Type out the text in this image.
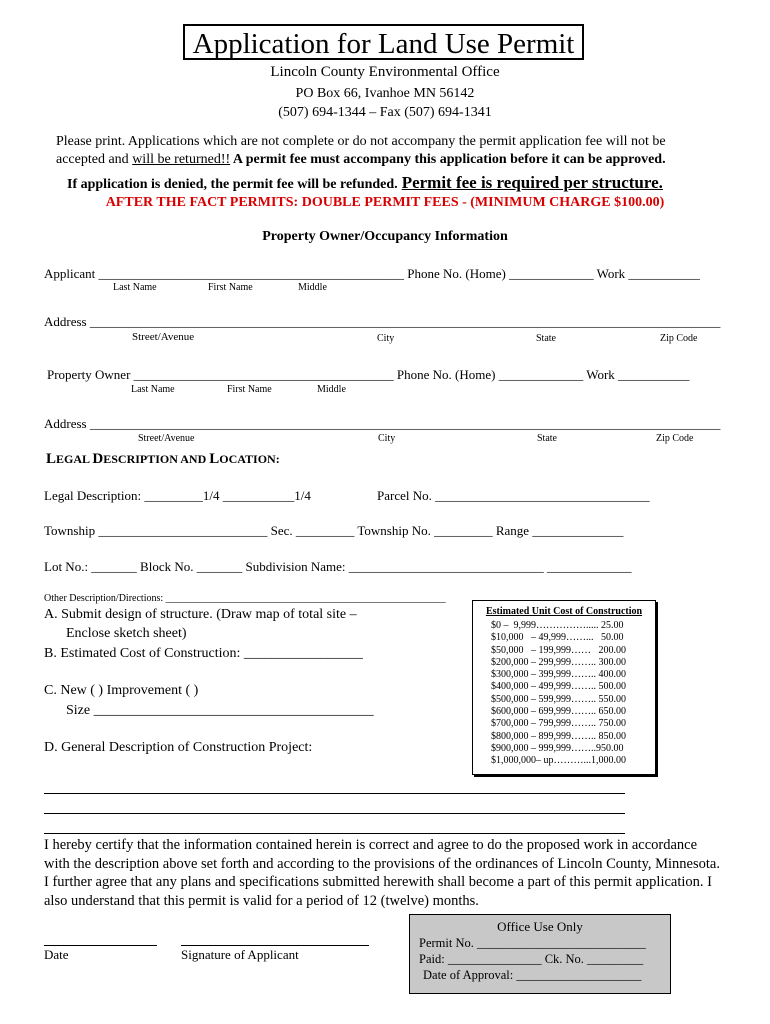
Application for Land Use Permit
Lincoln County Environmental Office
PO Box 66, Ivanhoe MN 56142
(507) 694-1344 – Fax (507) 694-1341
Please print. Applications which are not complete or do not accompany the permit application fee will not be
accepted and will be returned!! A permit fee must accompany this application before it can be approved.
If application is denied, the permit fee will be refunded. Permit fee is required per structure.
AFTER THE FACT PERMITS: DOUBLE PERMIT FEES - (MINIMUM CHARGE $100.00)
Property Owner/Occupancy Information
Applicant _______________________________________________ Phone No. (Home) _____________ Work ___________
Last Name	First Name	Middle
Address _________________________________________________________________________________________________
Street/Avenue	City	State	Zip Code
Property Owner ________________________________________ Phone No. (Home) _____________ Work ___________
Last Name	First Name	Middle
Address _________________________________________________________________________________________________
Street/Avenue	City	State	Zip Code
LEGAL DESCRIPTION AND LOCATION:
Legal Description: _________1/4 ___________1/4	Parcel No. _________________________________
Township __________________________ Sec. _________ Township No. _________ Range ______________
Lot No.: _______ Block No. _______ Subdivision Name: ______________________________ _____________
Other Description/Directions: ________________________________________________________
A. Submit design of structure. (Draw map of total site –
Enclose sketch sheet)
B. Estimated Cost of Construction: _________________
C. New ( ) Improvement ( )
Size ________________________________________
D. General Description of Construction Project:
Estimated Unit Cost of Construction
$0 –  9,999……………..... 25.00
$10,000   – 49,999……...   50.00
$50,000   – 199,999……   200.00
$200,000 – 299,999…….. 300.00
$300,000 – 399,999…….. 400.00
$400,000 – 499,999…….. 500.00
$500,000 – 599,999…….. 550.00
$600,000 – 699,999…….. 650.00
$700,000 – 799,999…….. 750.00
$800,000 – 899,999…….. 850.00
$900,000 – 999,999……..950.00
$1,000,000– up………...1,000.00
I hereby certify that the information contained herein is correct and agree to do the proposed work in accordance with the description above set forth and according to the provisions of the ordinances of Lincoln County, Minnesota. I further agree that any plans and specifications submitted herewith shall become a part of this permit application. I also understand that this permit is valid for a period of 12 (twelve) months.
Date	Signature of Applicant
Office Use Only
Permit No. ___________________________
Paid: _______________ Ck. No. _________
Date of Approval: ____________________
